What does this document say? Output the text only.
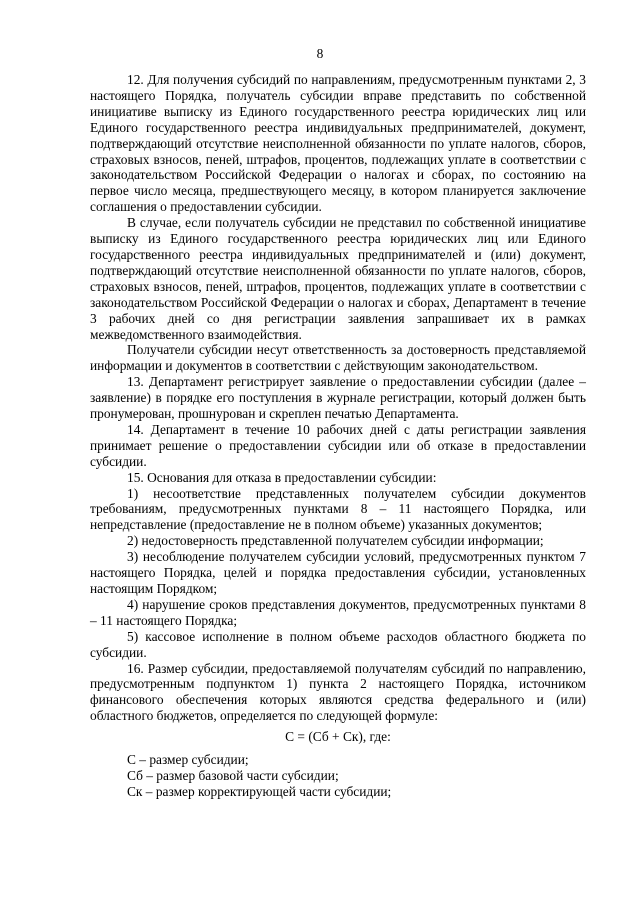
8

12. Для получения субсидий по направлениям, предусмотренным пунктами 2, 3 настоящего Порядка, получатель субсидии вправе представить по собственной инициативе выписку из Единого государственного реестра юридических лиц или Единого государственного реестра индивидуальных предпринимателей, документ, подтверждающий отсутствие неисполненной обязанности по уплате налогов, сборов, страховых взносов, пеней, штрафов, процентов, подлежащих уплате в соответствии с законодательством Российской Федерации о налогах и сборах, по состоянию на первое число месяца, предшествующего месяцу, в котором планируется заключение соглашения о предоставлении субсидии.

В случае, если получатель субсидии не представил по собственной инициативе выписку из Единого государственного реестра юридических лиц или Единого государственного реестра индивидуальных предпринимателей и (или) документ, подтверждающий отсутствие неисполненной обязанности по уплате налогов, сборов, страховых взносов, пеней, штрафов, процентов, подлежащих уплате в соответствии с законодательством Российской Федерации о налогах и сборах, Департамент в течение 3 рабочих дней со дня регистрации заявления запрашивает их в рамках межведомственного взаимодействия.

Получатели субсидии несут ответственность за достоверность представляемой информации и документов в соответствии с действующим законодательством.

13. Департамент регистрирует заявление о предоставлении субсидии (далее – заявление) в порядке его поступления в журнале регистрации, который должен быть пронумерован, прошнурован и скреплен печатью Департамента.

14. Департамент в течение 10 рабочих дней с даты регистрации заявления принимает решение о предоставлении субсидии или об отказе в предоставлении субсидии.

15. Основания для отказа в предоставлении субсидии:

1) несоответствие представленных получателем субсидии документов требованиям, предусмотренных пунктами 8 – 11 настоящего Порядка, или непредставление (предоставление не в полном объеме) указанных документов;

2) недостоверность представленной получателем субсидии информации;

3) несоблюдение получателем субсидии условий, предусмотренных пунктом 7 настоящего Порядка, целей и порядка предоставления субсидии, установленных настоящим Порядком;

4) нарушение сроков представления документов, предусмотренных пунктами 8 – 11 настоящего Порядка;

5) кассовое исполнение в полном объеме расходов областного бюджета по субсидии.

16. Размер субсидии, предоставляемой получателям субсидий по направлению, предусмотренным подпунктом 1) пункта 2 настоящего Порядка, источником финансового обеспечения которых являются средства федерального и (или) областного бюджетов, определяется по следующей формуле:

С = (Сб + Ск), где:

С – размер субсидии;

Сб – размер базовой части субсидии;

Ск – размер корректирующей части субсидии;
